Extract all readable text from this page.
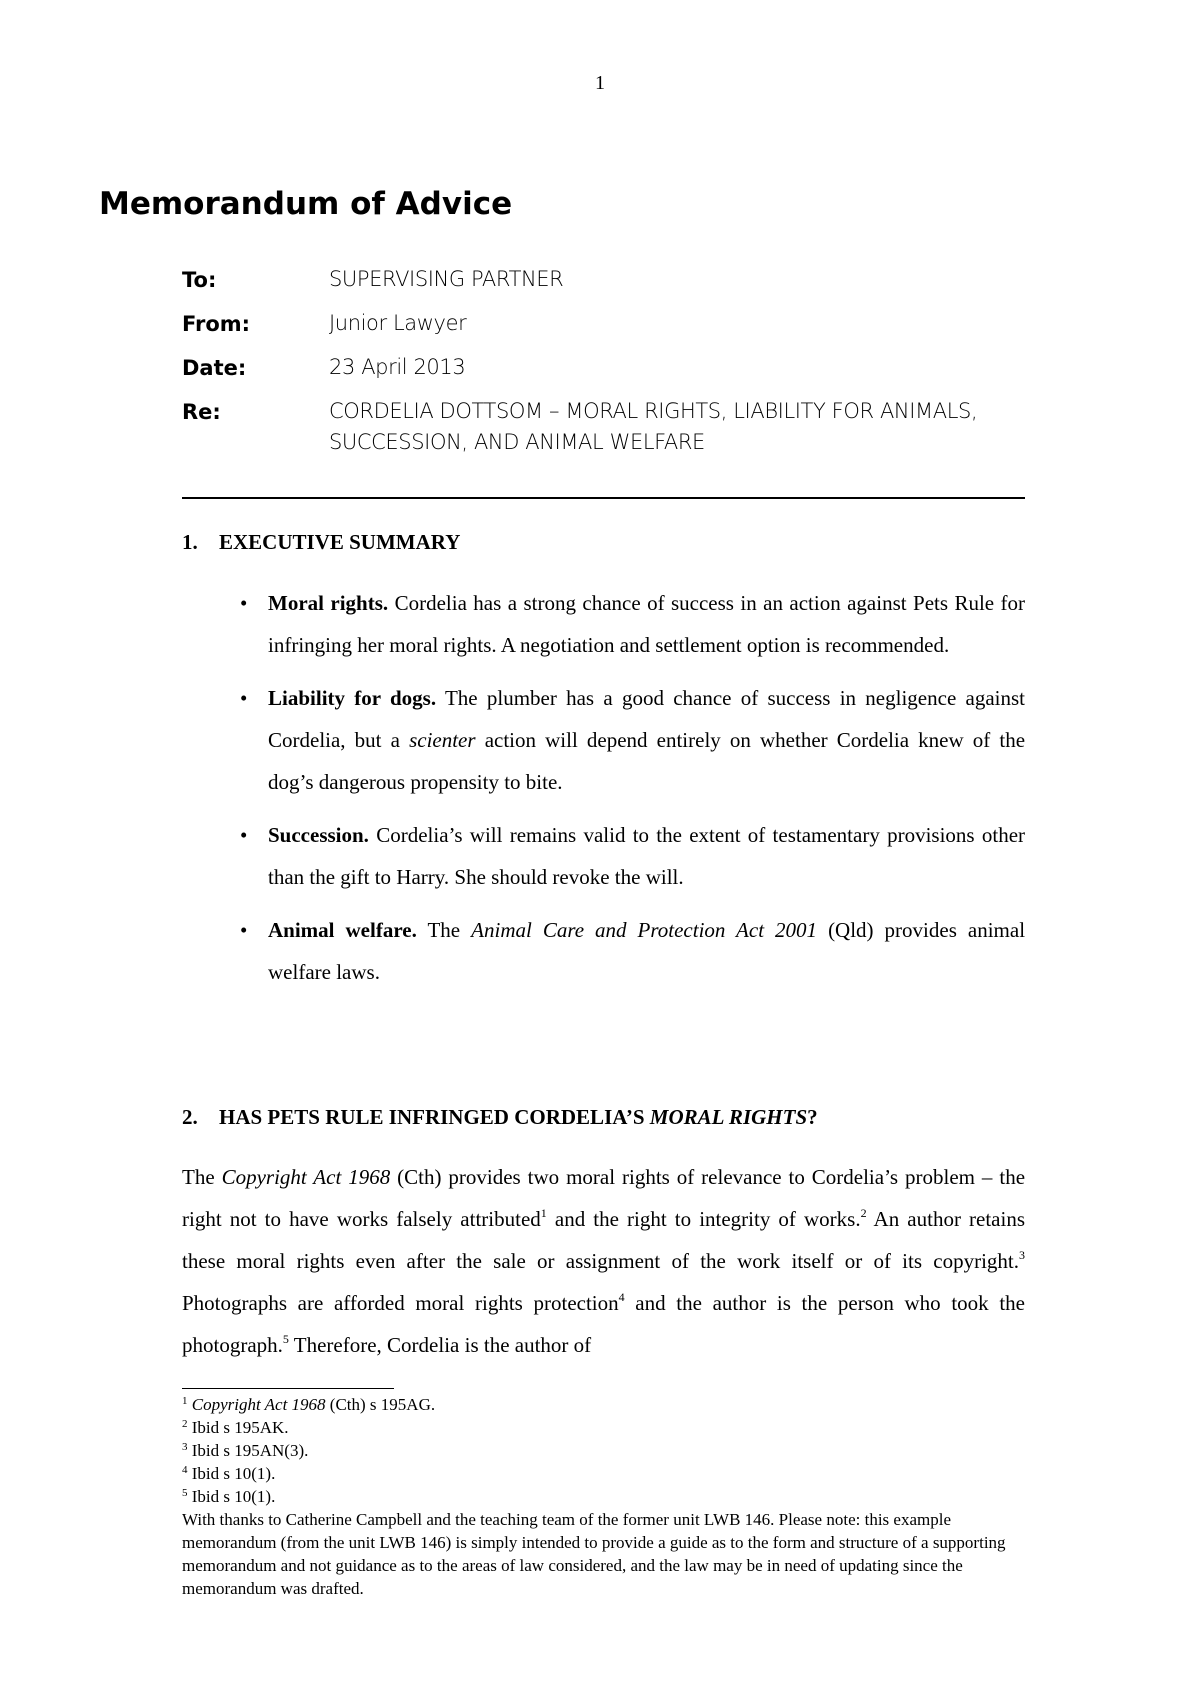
1
Memorandum of Advice
To:	SUPERVISING PARTNER
From:	Junior Lawyer
Date:	23 April 2013
Re:	CORDELIA DOTTSOM – MORAL RIGHTS, LIABILITY FOR ANIMALS, SUCCESSION, AND ANIMAL WELFARE
1. EXECUTIVE SUMMARY
• Moral rights. Cordelia has a strong chance of success in an action against Pets Rule for infringing her moral rights. A negotiation and settlement option is recommended.
• Liability for dogs. The plumber has a good chance of success in negligence against Cordelia, but a scienter action will depend entirely on whether Cordelia knew of the dog’s dangerous propensity to bite.
• Succession. Cordelia’s will remains valid to the extent of testamentary provisions other than the gift to Harry. She should revoke the will.
• Animal welfare. The Animal Care and Protection Act 2001 (Qld) provides animal welfare laws.
2. HAS PETS RULE INFRINGED CORDELIA’S MORAL RIGHTS?

The Copyright Act 1968 (Cth) provides two moral rights of relevance to Cordelia’s problem – the right not to have works falsely attributed$^1$ and the right to integrity of works.$^2$ An author retains these moral rights even after the sale or assignment of the work itself or of its copyright.$^3$ Photographs are afforded moral rights protection$^4$ and the author is the person who took the photograph.$^5$ Therefore, Cordelia is the author of

$^1$ Copyright Act 1968 (Cth) s 195AG.
$^2$ Ibid s 195AK.
$^3$ Ibid s 195AN(3).
$^4$ Ibid s 10(1).
$^5$ Ibid s 10(1).
With thanks to Catherine Campbell and the teaching team of the former unit LWB 146. Please note: this example memorandum (from the unit LWB 146) is simply intended to provide a guide as to the form and structure of a supporting memorandum and not guidance as to the areas of law considered, and the law may be in need of updating since the memorandum was drafted.
